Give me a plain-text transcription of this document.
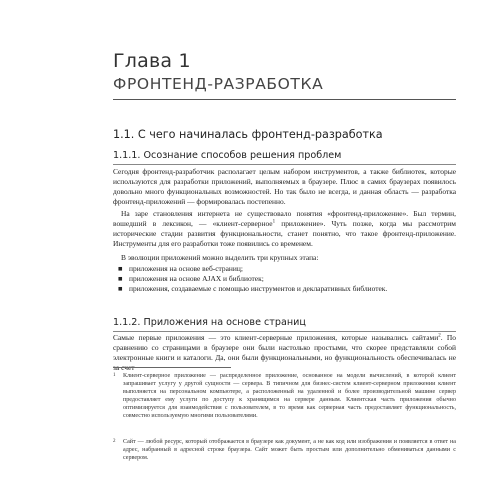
Глава 1
ФРОНТЕНД-РАЗРАБОТКА
1.1. С чего начиналась фронтенд-разработка
1.1.1. Осознание способов решения проблем

Сегодня фронтенд-разработчик располагает целым набором инструментов, а также библиотек, которые используются для разработки приложений, выполняемых в браузере. Плюс в самих браузерах появилось довольно много функциональных возможностей. Но так было не всегда, и данная область — разработка фронтенд-приложений — формировалась постепенно.

На заре становления интернета не существовало понятия «фронтенд-приложение». Был термин, вошедший в лексикон, — «клиент-серверное$^1$ приложение». Чуть позже, когда мы рассмотрим исторические стадии развития функциональности, станет понятно, что такое фронтенд-приложение. Инструменты для его разработки тоже появились со временем.

В эволюции приложений можно выделить три крупных этапа:

■ приложения на основе веб-страниц;
■ приложения на основе AJAX и библиотек;
■ приложения, создаваемые с помощью инструментов и декларативных библиотек.
1.1.2. Приложения на основе страниц

Самые первые приложения — это клиент-серверные приложения, которые назывались сайтами$^2$. По сравнению со страницами в браузере они были настолько простыми, что скорее представляли собой электронные книги и каталоги. Да, они были функциональными, но функциональность обеспечивалась не

1	Клиент-серверное приложение — распределенное приложение, основанное на модели вычислений, в которой клиент запрашивает услугу у другой сущности — сервера. В типичном для бизнес-систем клиент-серверном приложении клиент выполняется на персональном компьютере, а расположенный на удаленной и более производительной машине сервер предоставляет ему услуги по доступу к хранящимся на сервере данным. Клиентская часть приложения обычно оптимизируется для взаимодействия с пользователем, в то время как серверная часть предоставляет функциональность, совместно используемую многими пользователями.

2	Сайт — любой ресурс, который отображается в браузере как документ, а не как код или изображения и появляется в ответ на адрес, набранный в адресной строке браузера. Сайт может быть простым или дополнительно обмениваться данными с сервером.
